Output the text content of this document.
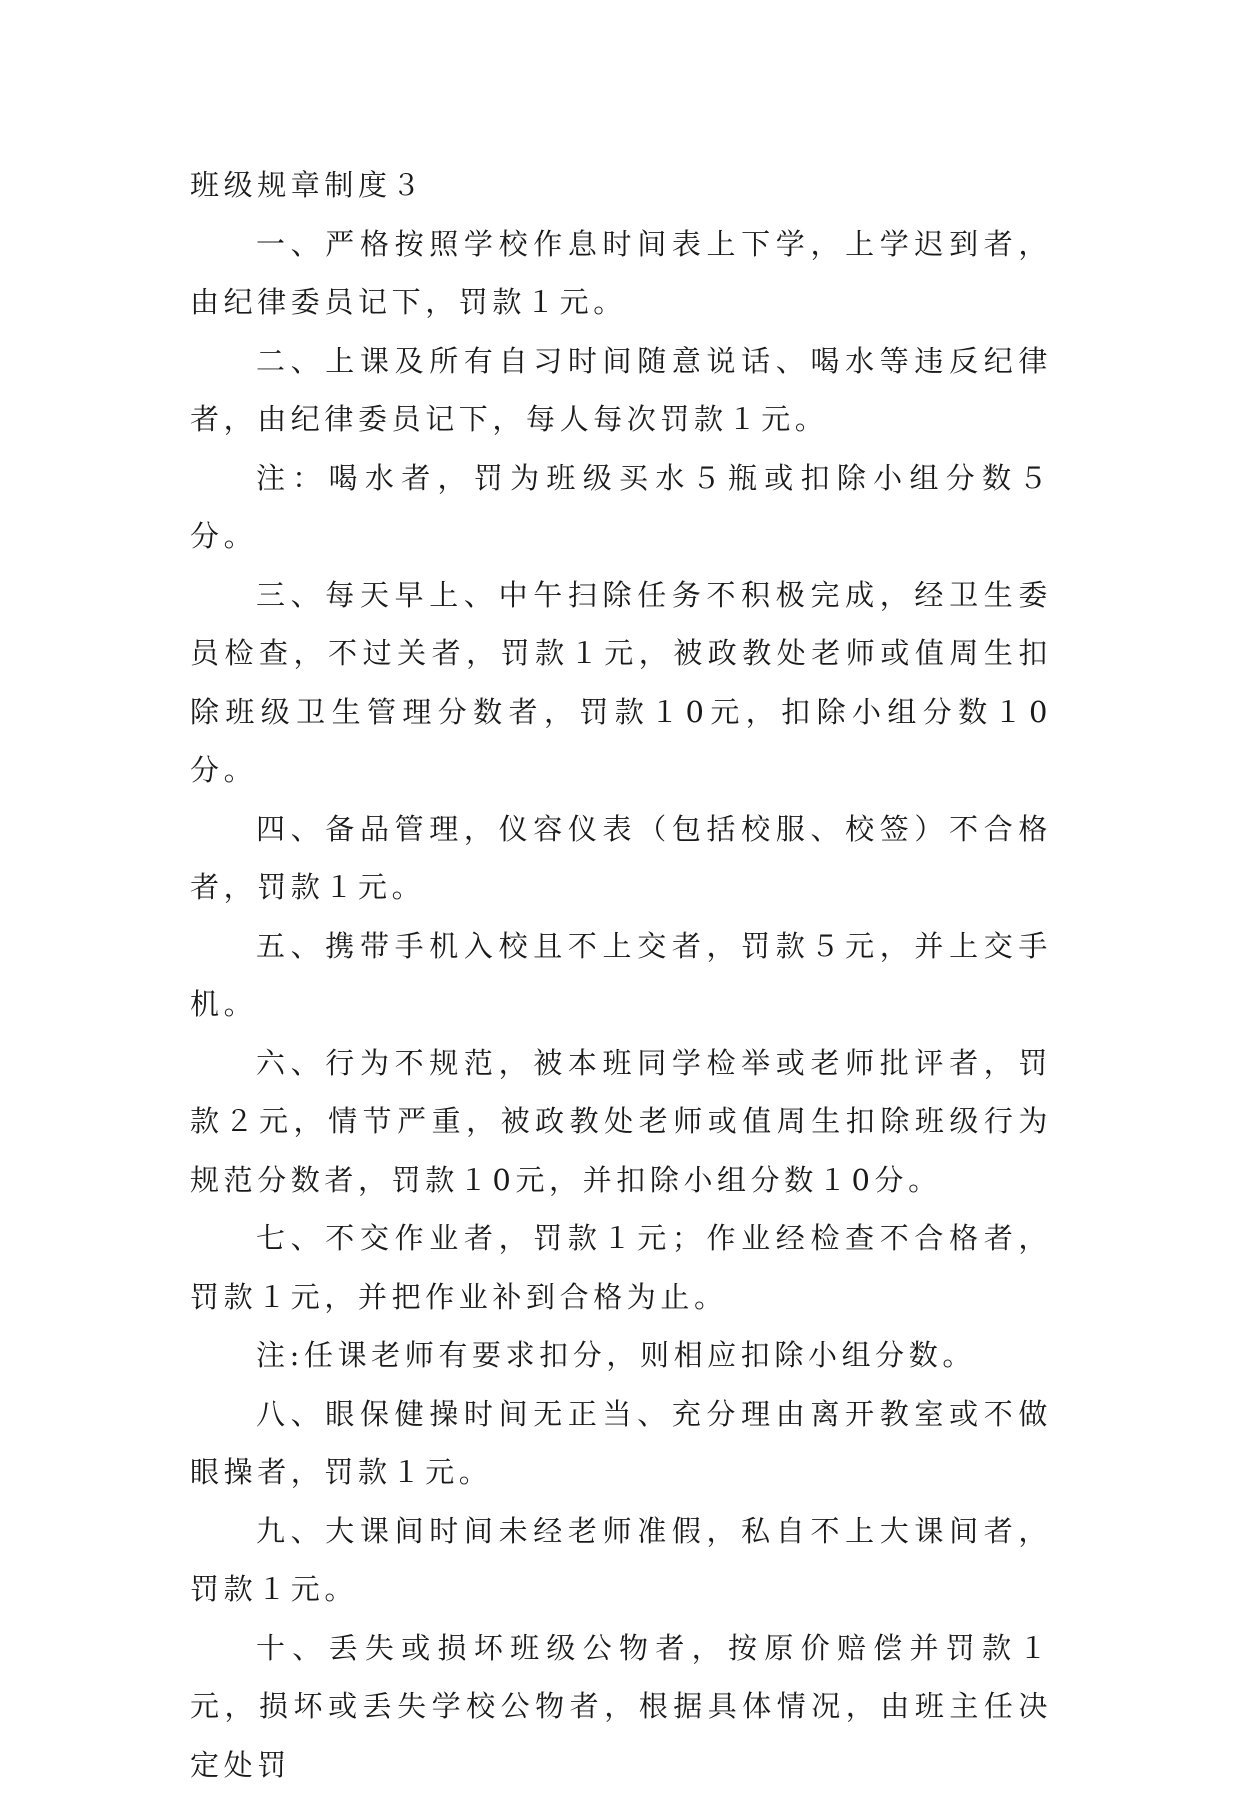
班级规章制度３

一、严格按照学校作息时间表上下学，上学迟到者，由纪律委员记下，罚款１元。

二、上课及所有自习时间随意说话、喝水等违反纪律者，由纪律委员记下，每人每次罚款１元。

注：喝水者，罚为班级买水５瓶或扣除小组分数５分。

三、每天早上、中午扫除任务不积极完成，经卫生委员检查，不过关者，罚款１元，被政教处老师或值周生扣除班级卫生管理分数者，罚款１0元，扣除小组分数１0分。

四、备品管理，仪容仪表（包括校服、校签）不合格者，罚款１元。

五、携带手机入校且不上交者，罚款５元，并上交手机。

六、行为不规范，被本班同学检举或老师批评者，罚款２元，情节严重，被政教处老师或值周生扣除班级行为规范分数者，罚款１0元，并扣除小组分数１0分。

七、不交作业者，罚款１元；作业经检查不合格者，罚款１元，并把作业补到合格为止。

注:任课老师有要求扣分，则相应扣除小组分数。

八、眼保健操时间无正当、充分理由离开教室或不做眼操者，罚款１元。

九、大课间时间未经老师准假，私自不上大课间者，罚款１元。

十、丢失或损坏班级公物者，按原价赔偿并罚款１元，损坏或丢失学校公物者，根据具体情况，由班主任决定处罚
